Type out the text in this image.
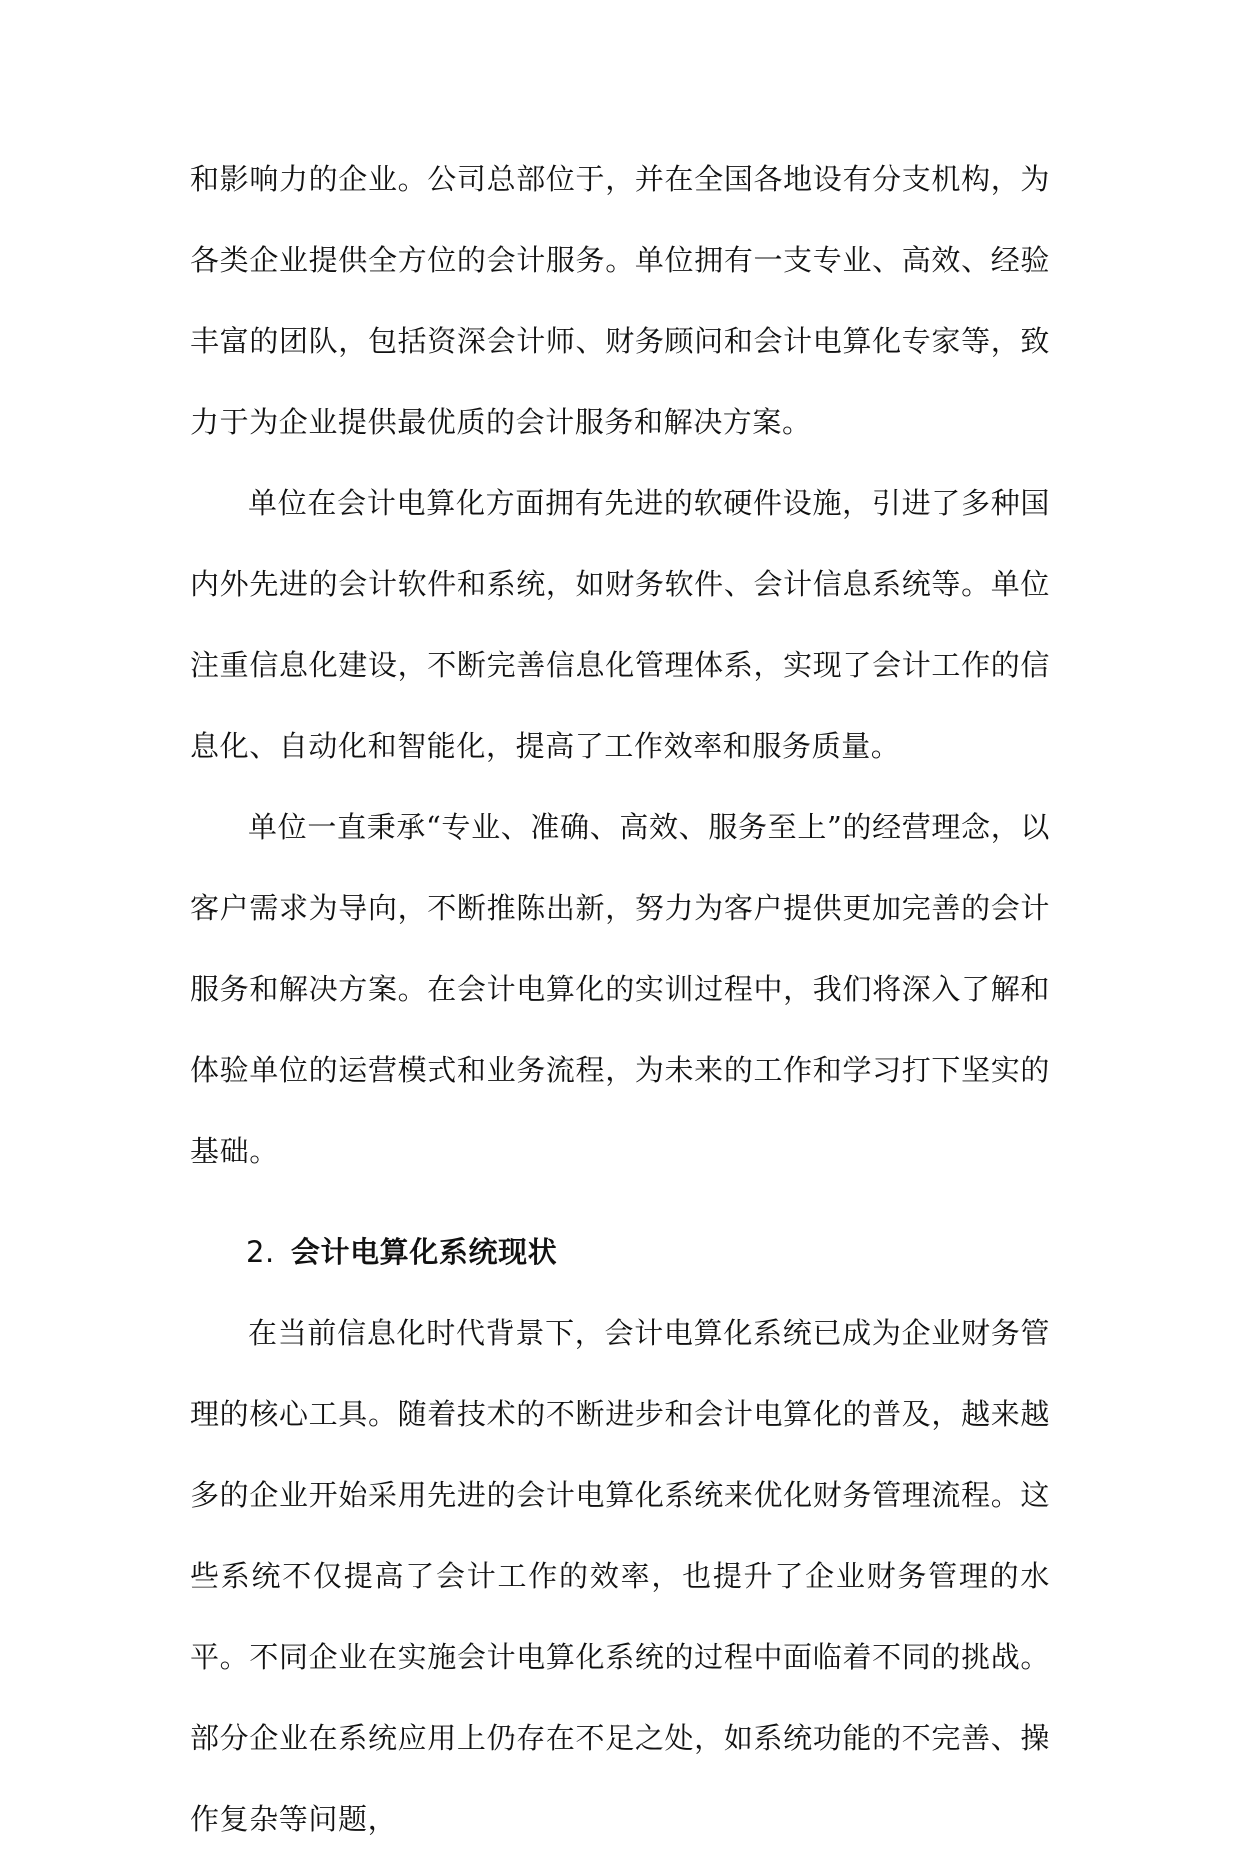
和影响力的企业。公司总部位于，并在全国各地设有分支机构，为各类企业提供全方位的会计服务。单位拥有一支专业、高效、经验丰富的团队，包括资深会计师、财务顾问和会计电算化专家等，致力于为企业提供最优质的会计服务和解决方案。

单位在会计电算化方面拥有先进的软硬件设施，引进了多种国内外先进的会计软件和系统，如财务软件、会计信息系统等。单位注重信息化建设，不断完善信息化管理体系，实现了会计工作的信息化、自动化和智能化，提高了工作效率和服务质量。

单位一直秉承“专业、准确、高效、服务至上”的经营理念，以客户需求为导向，不断推陈出新，努力为客户提供更加完善的会计服务和解决方案。在会计电算化的实训过程中，我们将深入了解和体验单位的运营模式和业务流程，为未来的工作和学习打下坚实的基础。

2. 会计电算化系统现状

在当前信息化时代背景下，会计电算化系统已成为企业财务管理的核心工具。随着技术的不断进步和会计电算化的普及，越来越多的企业开始采用先进的会计电算化系统来优化财务管理流程。这些系统不仅提高了会计工作的效率，也提升了企业财务管理的水平。不同企业在实施会计电算化系统的过程中面临着不同的挑战。部分企业在系统应用上仍存在不足之处，如系统功能的不完善、操作复杂等问题，
